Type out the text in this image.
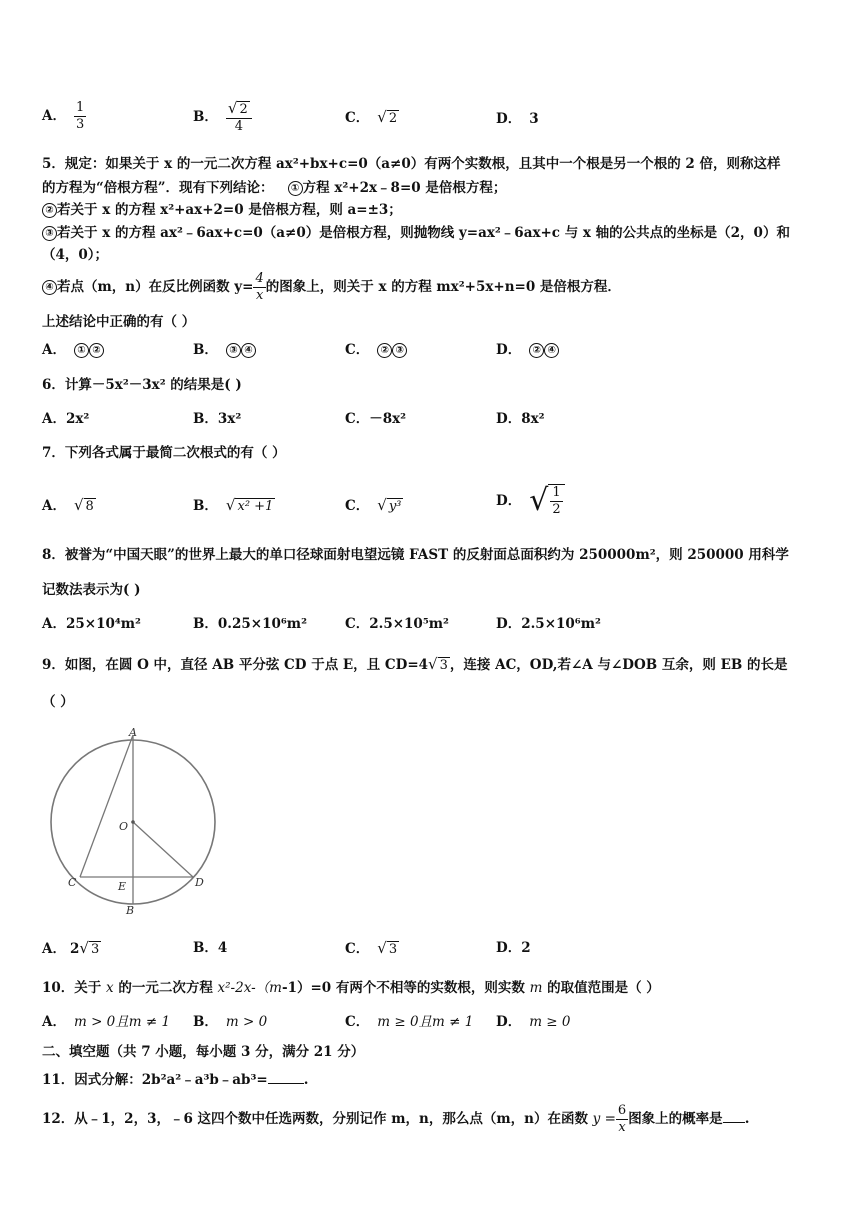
A． $\frac{1}{3}$	B． $\frac{√ 2}{4}$	C． √ 2	D． 3
5．规定：如果关于 x 的一元二次方程 ax²+bx+c=0（a≠0）有两个实数根，且其中一个根是另一个根的 2 倍，则称这样
的方程为“倍根方程”．现有下列结论： ① 方程 x²+2x﹣8=0 是倍根方程；
② 若关于 x 的方程 x²+ax+2=0 是倍根方程，则 a=±3；
③ 若关于 x 的方程 ax²﹣6ax+c=0（a≠0）是倍根方程，则抛物线 y=ax²﹣6ax+c 与 x 轴的公共点的坐标是（2，0）和
（4，0）；
④ 若点（m，n）在反比例函数 $y= \frac{4}{x}$ 的图象上，则关于 x 的方程 mx²+5x+n=0 是倍根方程．
上述结论中正确的有（ ）
A． ① ②	B． ③ ④	C． ② ③	D． ② ④
6．计算－5x²－3x² 的结果是( )
A．2x²	B．3x²	C．－8x²	D．8x²
7．下列各式属于最简二次根式的有（ ）
A． √ 8	B． √ x² +1	C． √ y³	D． √ $\frac{1}{2}$
8．被誉为“中国天眼”的世界上最大的单口径球面射电望远镜 FAST 的反射面总面积约为 250000m²，则 250000 用科学
记数法表示为( )
A．25×10⁴m²	B．0.25×10⁶m²	C．2.5×10⁵m²	D．2.5×10⁶m²
9．如图，在圆 O 中，直径 AB 平分弦 CD 于点 E，且 CD=4√ 3 ，连接 AC，OD,若∠A 与∠DOB 互余，则 EB 的长是
（ ）
A
O
C	E	D
B
A． 2√ 3	B．4	C． √ 3	D．2
10．关于 x 的一元二次方程 x²-2x-（m-1）=0 有两个不相等的实数根，则实数 m 的取值范围是（ ）
A． m > 0且m ≠ 1 B． m > 0	C． m ≥ 0且m ≠ 1 D． m ≥ 0
二、填空题（共 7 小题，每小题 3 分，满分 21 分）
11．因式分解：2b²a²﹣a³b﹣ab³=	.
12．从﹣1，2，3，﹣6 这四个数中任选两数，分别记作 m，n，那么点（m，n）在函数 $y = \frac{6}{x}$ 图象上的概率是 .
